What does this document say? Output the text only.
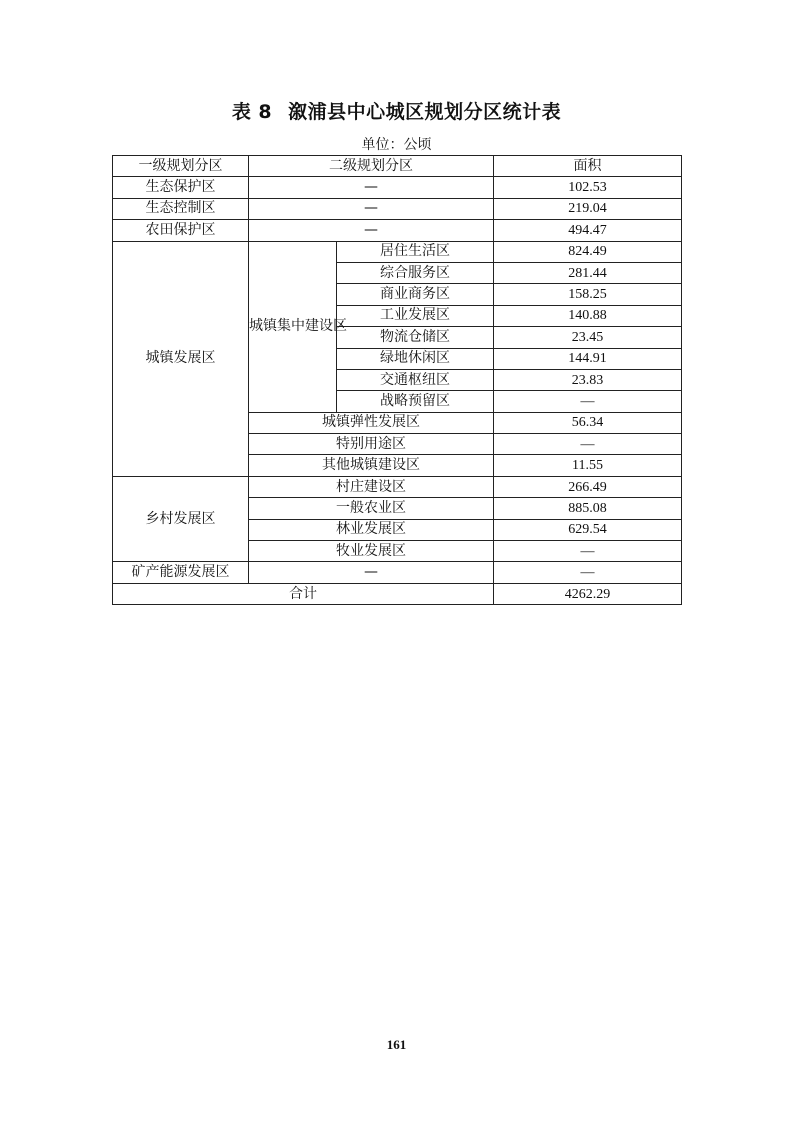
表 8 溆浦县中心城区规划分区统计表
单位：公顷
一级规划分区	二级规划分区		面积
生态保护区	—		102.53
生态控制区	—		219.04
农田保护区	—		494.47
城镇发展区	城镇集中建设区	居住生活区	824.49
		综合服务区	281.44
		商业商务区	158.25
		工业发展区	140.88
		物流仓储区	23.45
		绿地休闲区	144.91
		交通枢纽区	23.83
		战略预留区	—
	城镇弹性发展区		56.34
	特别用途区		—
	其他城镇建设区		11.55
乡村发展区	村庄建设区		266.49
	一般农业区		885.08
	林业发展区		629.54
	牧业发展区		—
矿产能源发展区	—		—
合计			4262.29
161
